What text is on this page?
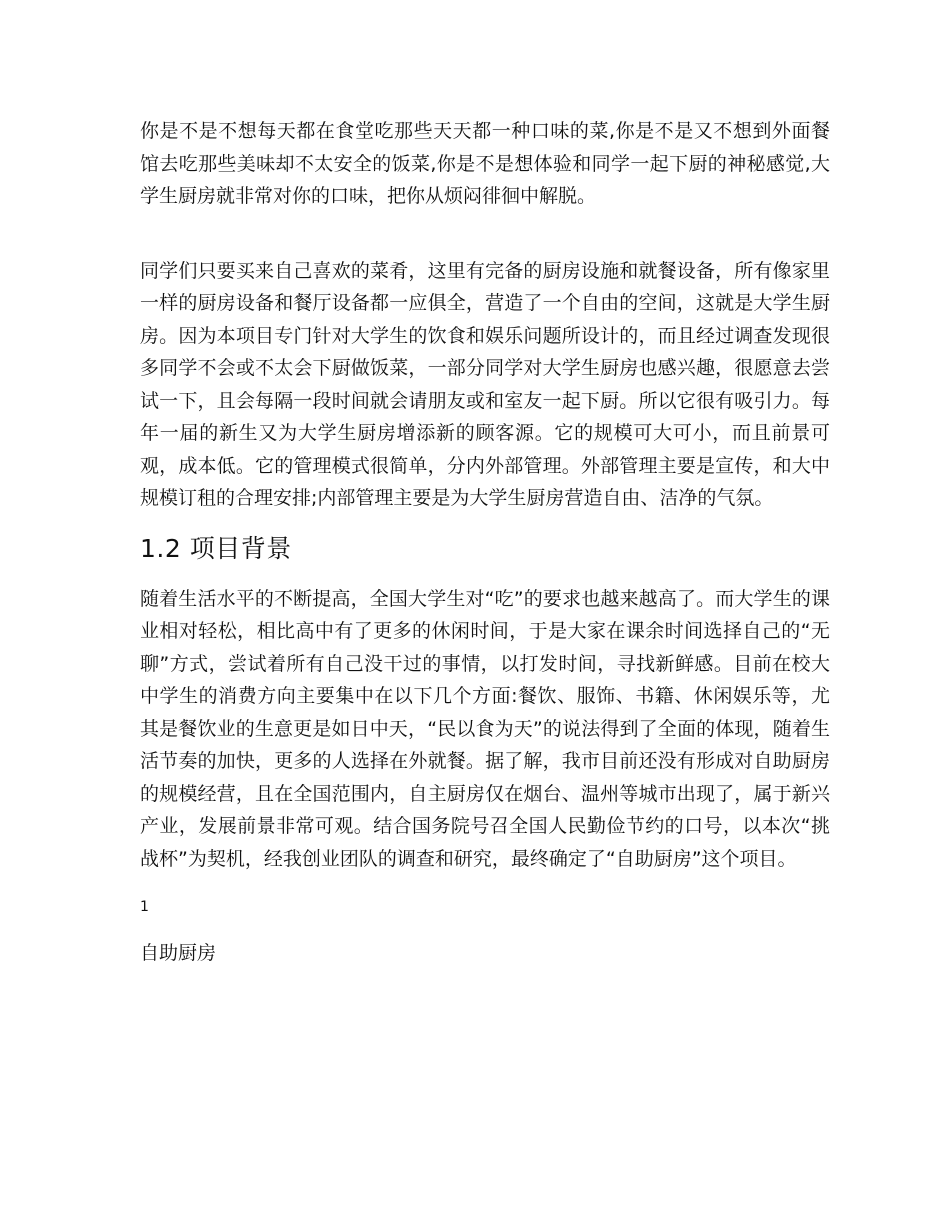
你是不是不想每天都在食堂吃那些天天都一种口味的菜,你是不是又不想到外面餐馆去吃那些美味却不太安全的饭菜,你是不是想体验和同学一起下厨的神秘感觉,大学生厨房就非常对你的口味，把你从烦闷徘徊中解脱。

同学们只要买来自己喜欢的菜肴，这里有完备的厨房设施和就餐设备，所有像家里一样的厨房设备和餐厅设备都一应俱全，营造了一个自由的空间，这就是大学生厨房。因为本项目专门针对大学生的饮食和娱乐问题所设计的，而且经过调查发现很多同学不会或不太会下厨做饭菜，一部分同学对大学生厨房也感兴趣，很愿意去尝试一下，且会每隔一段时间就会请朋友或和室友一起下厨。所以它很有吸引力。每年一届的新生又为大学生厨房增添新的顾客源。它的规模可大可小，而且前景可观，成本低。它的管理模式很简单，分内外部管理。外部管理主要是宣传，和大中规模订租的合理安排;内部管理主要是为大学生厨房营造自由、洁净的气氛。

1.2 项目背景

随着生活水平的不断提高，全国大学生对“吃”的要求也越来越高了。而大学生的课业相对轻松，相比高中有了更多的休闲时间，于是大家在课余时间选择自己的“无聊”方式，尝试着所有自己没干过的事情，以打发时间，寻找新鲜感。目前在校大中学生的消费方向主要集中在以下几个方面:餐饮、服饰、书籍、休闲娱乐等，尤其是餐饮业的生意更是如日中天，“民以食为天”的说法得到了全面的体现，随着生活节奏的加快，更多的人选择在外就餐。据了解，我市目前还没有形成对自助厨房的规模经营，且在全国范围内，自主厨房仅在烟台、温州等城市出现了，属于新兴产业，发展前景非常可观。结合国务院号召全国人民勤俭节约的口号，以本次“挑战杯”为契机，经我创业团队的调查和研究，最终确定了“自助厨房”这个项目。

1
自助厨房
